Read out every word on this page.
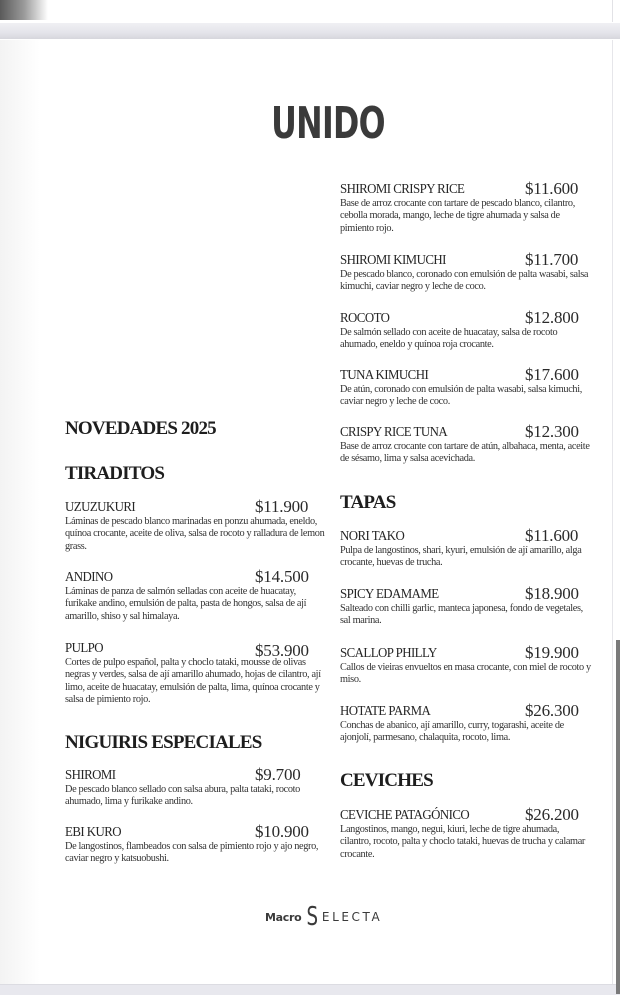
UNIDO
NOVEDADES 2025
TIRADITOS
UZUZUKURI	$11.900
Láminas de pescado blanco marinadas en ponzu ahumada, eneldo, quínoa crocante, aceite de oliva, salsa de rocoto y ralladura de lemon grass.
ANDINO	$14.500
Láminas de panza de salmón selladas con aceite de huacatay, furikake andino, emulsión de palta, pasta de hongos, salsa de ají amarillo, shiso y sal himalaya.
PULPO	$53.900
Cortes de pulpo español, palta y choclo tataki, mousse de olivas negras y verdes, salsa de ají amarillo ahumado, hojas de cilantro, ají limo, aceite de huacatay, emulsión de palta, lima, quínoa crocante y salsa de pimiento rojo.
NIGUIRIS ESPECIALES
SHIROMI	$9.700
De pescado blanco sellado con salsa abura, palta tataki, rocoto ahumado, lima y furikake andino.
EBI KURO	$10.900
De langostinos, flambeados con salsa de pimiento rojo y ajo negro, caviar negro y katsuobushi.
SHIROMI CRISPY RICE	$11.600
Base de arroz crocante con tartare de pescado blanco, cilantro, cebolla morada, mango, leche de tigre ahumada y salsa de pimiento rojo.
SHIROMI KIMUCHI	$11.700
De pescado blanco, coronado con emulsión de palta wasabi, salsa kimuchi, caviar negro y leche de coco.
ROCOTO	$12.800
De salmón sellado con aceite de huacatay, salsa de rocoto ahumado, eneldo y quínoa roja crocante.
TUNA KIMUCHI	$17.600
De atún, coronado con emulsión de palta wasabi, salsa kimuchi, caviar negro y leche de coco.
CRISPY RICE TUNA	$12.300
Base de arroz crocante con tartare de atún, albahaca, menta, aceite de sésamo, lima y salsa acevichada.
TAPAS
NORI TAKO	$11.600
Pulpa de langostinos, shari, kyuri, emulsión de ají amarillo, alga crocante, huevas de trucha.
SPICY EDAMAME	$18.900
Salteado con chilli garlic, manteca japonesa, fondo de vegetales, sal marina.
SCALLOP PHILLY	$19.900
Callos de vieiras envueltos en masa crocante, con miel de rocoto y miso.
HOTATE PARMA	$26.300
Conchas de abanico, ají amarillo, curry, togarashi, aceite de ajonjolí, parmesano, chalaquita, rocoto, lima.
CEVICHES
CEVICHE PATAGÓNICO	$26.200
Langostinos, mango, negui, kiuri, leche de tigre ahumada, cilantro, rocoto, palta y choclo tataki, huevas de trucha y calamar crocante.
Macro S ELECTA
